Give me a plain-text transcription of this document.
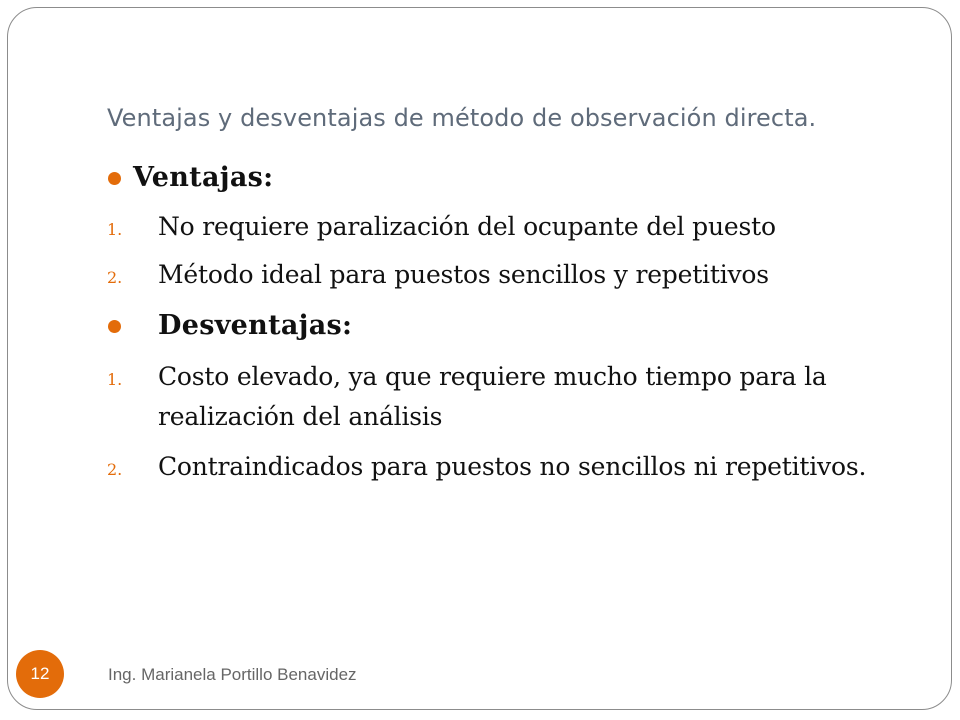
Ventajas y desventajas de método de observación directa.
Ventajas:
1. No requiere paralización del ocupante del puesto
2. Método ideal para puestos sencillos y repetitivos
Desventajas:
1. Costo elevado, ya que requiere mucho tiempo para la
realización del análisis
2. Contraindicados para puestos no sencillos ni repetitivos.
12	Ing. Marianela Portillo Benavidez
